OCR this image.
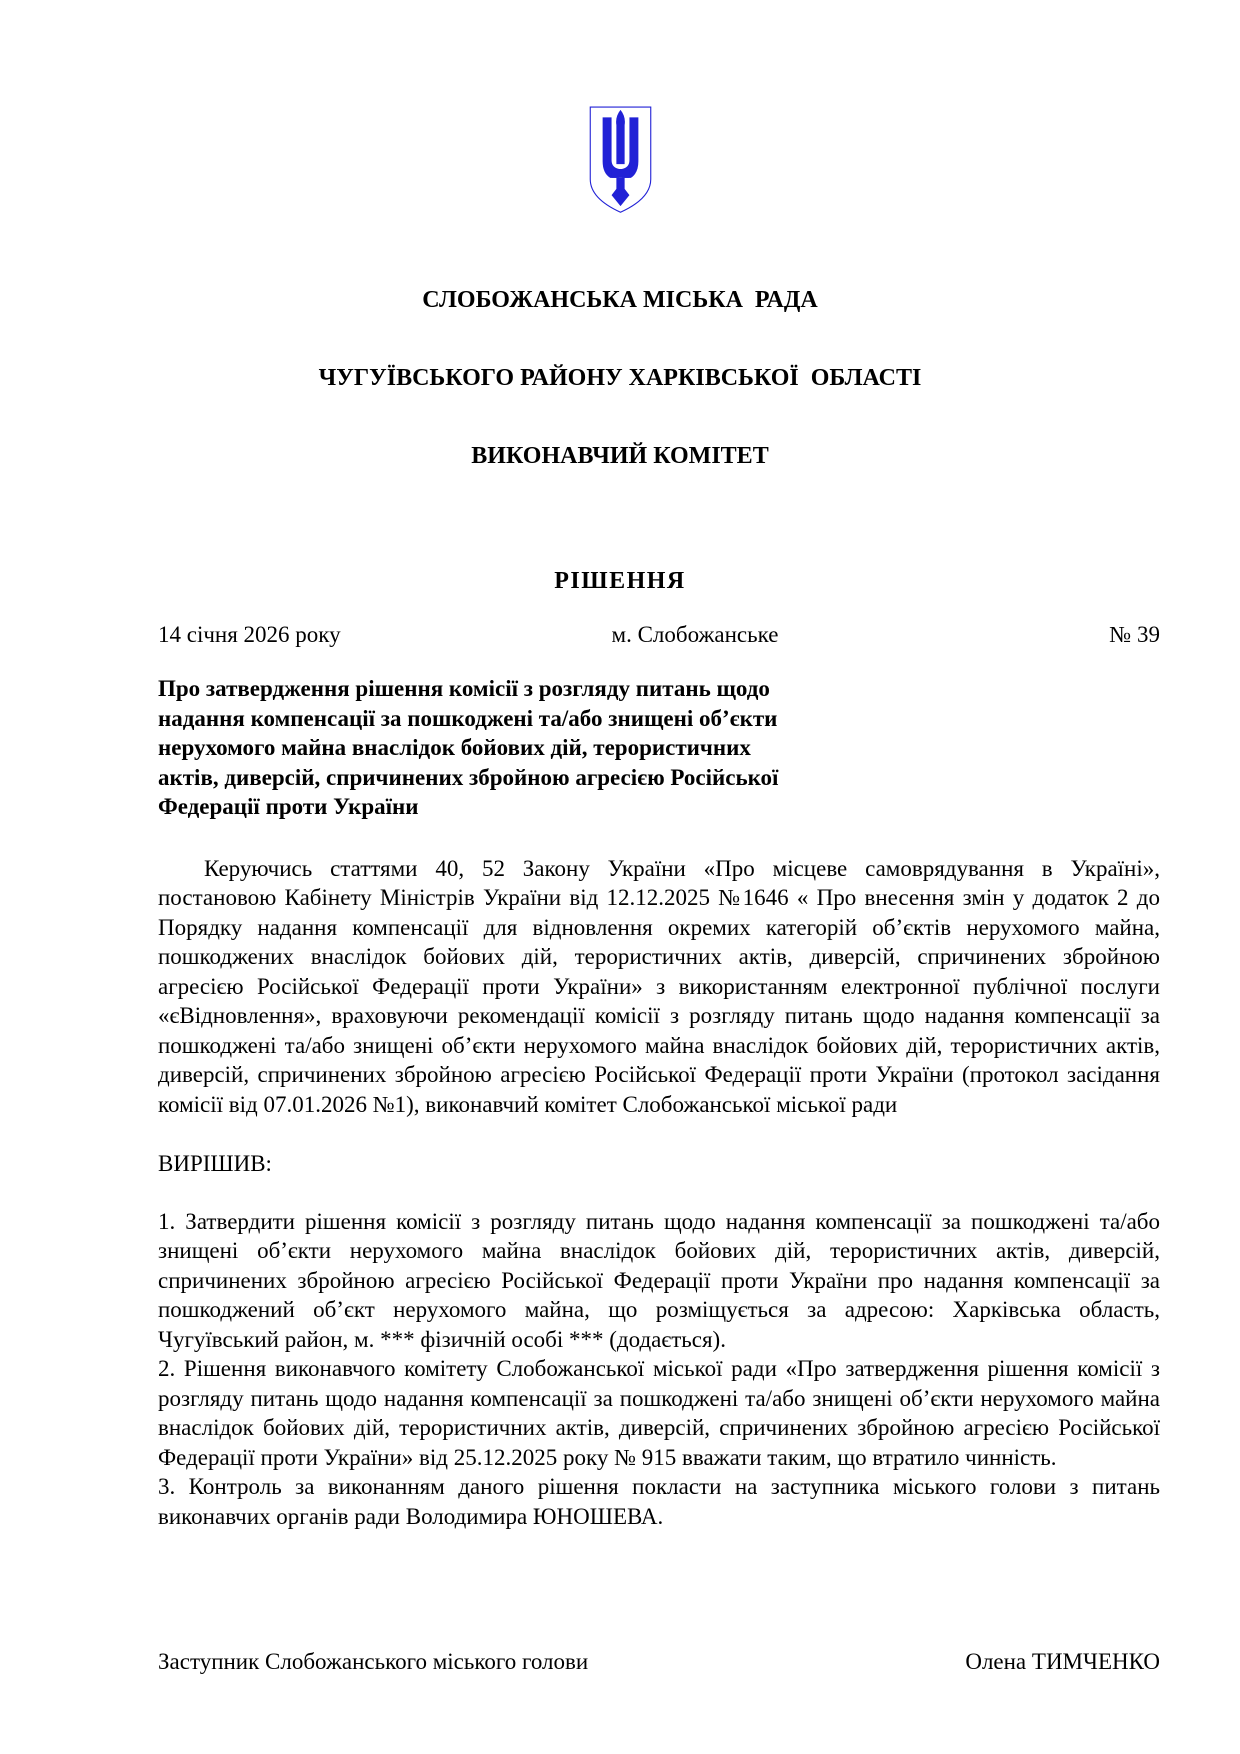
СЛОБОЖАНСЬКА МІСЬКА  РАДА

ЧУГУЇВСЬКОГО РАЙОНУ ХАРКІВСЬКОЇ  ОБЛАСТІ

ВИКОНАВЧИЙ КОМІТЕТ

РІШЕННЯ
14 січня 2026 року	м. Слобожанське	№ 39

Про затвердження рішення комісії з розгляду питань щодо надання компенсації за пошкоджені та/або знищені об’єкти нерухомого майна внаслідок бойових дій, терористичних актів, диверсій, спричинених збройною агресією Російської Федерації проти України

Керуючись статтями 40, 52 Закону України «Про місцеве самоврядування в Україні», постановою Кабінету Міністрів України від 12.12.2025 №1646 « Про внесення змін у додаток 2 до Порядку надання компенсації для відновлення окремих категорій об’єктів нерухомого майна, пошкоджених внаслідок бойових дій, терористичних актів, диверсій, спричинених збройною агресією Російської Федерації проти України» з використанням електронної публічної послуги «єВідновлення», враховуючи рекомендації комісії з розгляду питань щодо надання компенсації за пошкоджені та/або знищені об’єкти нерухомого майна внаслідок бойових дій, терористичних актів, диверсій, спричинених збройною агресією Російської Федерації проти України (протокол засідання комісії від 07.01.2026 №1), виконавчий комітет Слобожанської міської ради

ВИРІШИВ:

1. Затвердити рішення комісії з розгляду питань щодо надання компенсації за пошкоджені та/або знищені об’єкти нерухомого майна внаслідок бойових дій, терористичних актів, диверсій, спричинених збройною агресією Російської Федерації проти України про надання компенсації за пошкоджений об’єкт нерухомого майна, що розміщується за адресою: Харківська область, Чугуївський район, м. *** фізичній особі *** (додається).

2. Рішення виконавчого комітету Слобожанської міської ради «Про затвердження рішення комісії з розгляду питань щодо надання компенсації за пошкоджені та/або знищені об’єкти нерухомого майна внаслідок бойових дій, терористичних актів, диверсій, спричинених збройною агресією Російської Федерації проти України» від 25.12.2025 року № 915 вважати таким, що втратило чинність.

3. Контроль за виконанням даного рішення покласти на заступника міського голови з питань виконавчих органів ради Володимира ЮНОШЕВА.

Заступник Слобожанського міського голови	Олена ТИМЧЕНКО
